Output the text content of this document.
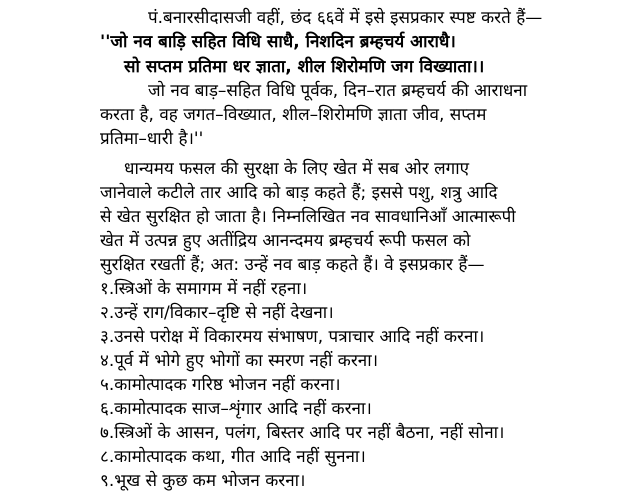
पं.बनारसीदासजी वहीं, छंद ६६वें में इसे इसप्रकार स्पष्ट करते हैं—
''जो नव बाड़ि सहित विधि साधै, निशदिन ब्रम्हचर्य आराधै।
सो सप्तम प्रतिमा धर ज्ञाता, शील शिरोमणि जग विख्याता।।
जो नव बाड़–सहित विधि पूर्वक, दिन–रात ब्रम्हचर्य की आराधना
करता है, वह जगत–विख्यात, शील–शिरोमणि ज्ञाता जीव, सप्तम
प्रतिमा–धारी है।''
धान्यमय फसल की सुरक्षा के लिए खेत में सब ओर लगाए
जानेवाले कटीले तार आदि को बाड़ कहते हैं; इससे पशु, शत्रु आदि
से खेत सुरक्षित हो जाता है। निम्नलिखित नव सावधानिआँ आत्मारूपी
खेत में उत्पन्न हुए अतींद्रिय आनन्दमय ब्रम्हचर्य रूपी फसल को
सुरक्षित रखतीं हैं; अत: उन्हें नव बाड़ कहते हैं। वे इसप्रकार हैं—
१.स्त्रिओं के समागम में नहीं रहना।
२.उन्हें राग/विकार–दृष्टि से नहीं देखना।
३.उनसे परोक्ष में विकारमय संभाषण, पत्राचार आदि नहीं करना।
४.पूर्व में भोगे हुए भोगों का स्मरण नहीं करना।
५.कामोत्पादक गरिष्ठ भोजन नहीं करना।
६.कामोत्पादक साज–शृंगार आदि नहीं करना।
७.स्त्रिओं के आसन, पलंग, बिस्तर आदि पर नहीं बैठना, नहीं सोना।
८.कामोत्पादक कथा, गीत आदि नहीं सुनना।
९.भूख से कुछ कम भोजन करना।
